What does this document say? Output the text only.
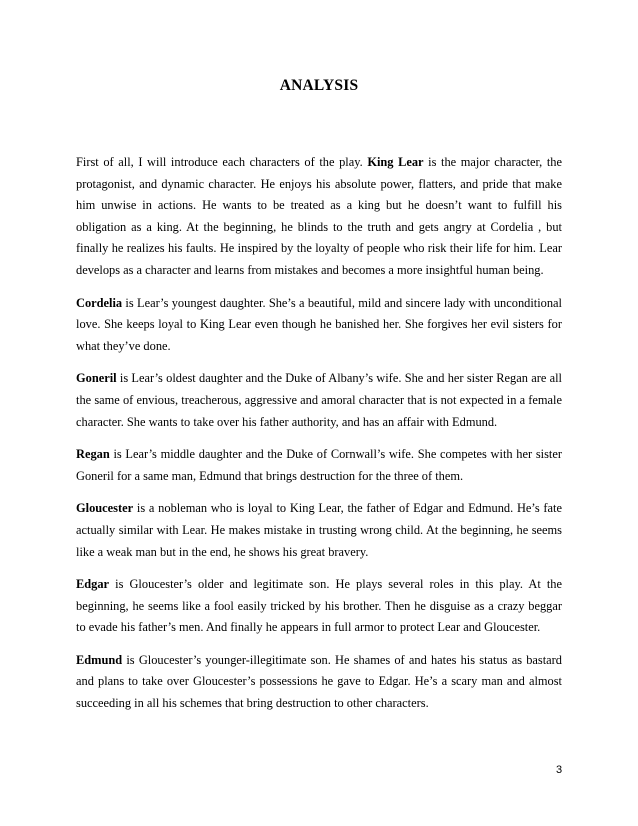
ANALYSIS

First of all, I will introduce each characters of the play. King Lear is the major character, the protagonist, and dynamic character. He enjoys his absolute power, flatters, and pride that make him unwise in actions. He wants to be treated as a king but he doesn’t want to fulfill his obligation as a king. At the beginning, he blinds to the truth and gets angry at Cordelia , but finally he realizes his faults. He inspired by the loyalty of people who risk their life for him. Lear develops as a character and learns from mistakes and becomes a more insightful human being.

Cordelia is Lear’s youngest daughter. She’s a beautiful, mild and sincere lady with unconditional love. She keeps loyal to King Lear even though he banished her. She forgives her evil sisters for what they’ve done.

Goneril is Lear’s oldest daughter and the Duke of Albany’s wife. She and her sister Regan are all the same of envious, treacherous, aggressive and amoral character that is not expected in a female character. She wants to take over his father authority, and has an affair with Edmund.

Regan is Lear’s middle daughter and the Duke of Cornwall’s wife. She competes with her sister Goneril for a same man, Edmund that brings destruction for the three of them.

Gloucester is a nobleman who is loyal to King Lear, the father of Edgar and Edmund. He’s fate actually similar with Lear. He makes mistake in trusting wrong child. At the beginning, he seems like a weak man but in the end, he shows his great bravery.

Edgar is Gloucester’s older and legitimate son. He plays several roles in this play. At the beginning, he seems like a fool easily tricked by his brother. Then he disguise as a crazy beggar to evade his father’s men. And finally he appears in full armor to protect Lear and Gloucester.

Edmund is Gloucester’s younger-illegitimate son. He shames of and hates his status as bastard and plans to take over Gloucester’s possessions he gave to Edgar. He’s a scary man and almost succeeding in all his schemes that bring destruction to other characters.

3
